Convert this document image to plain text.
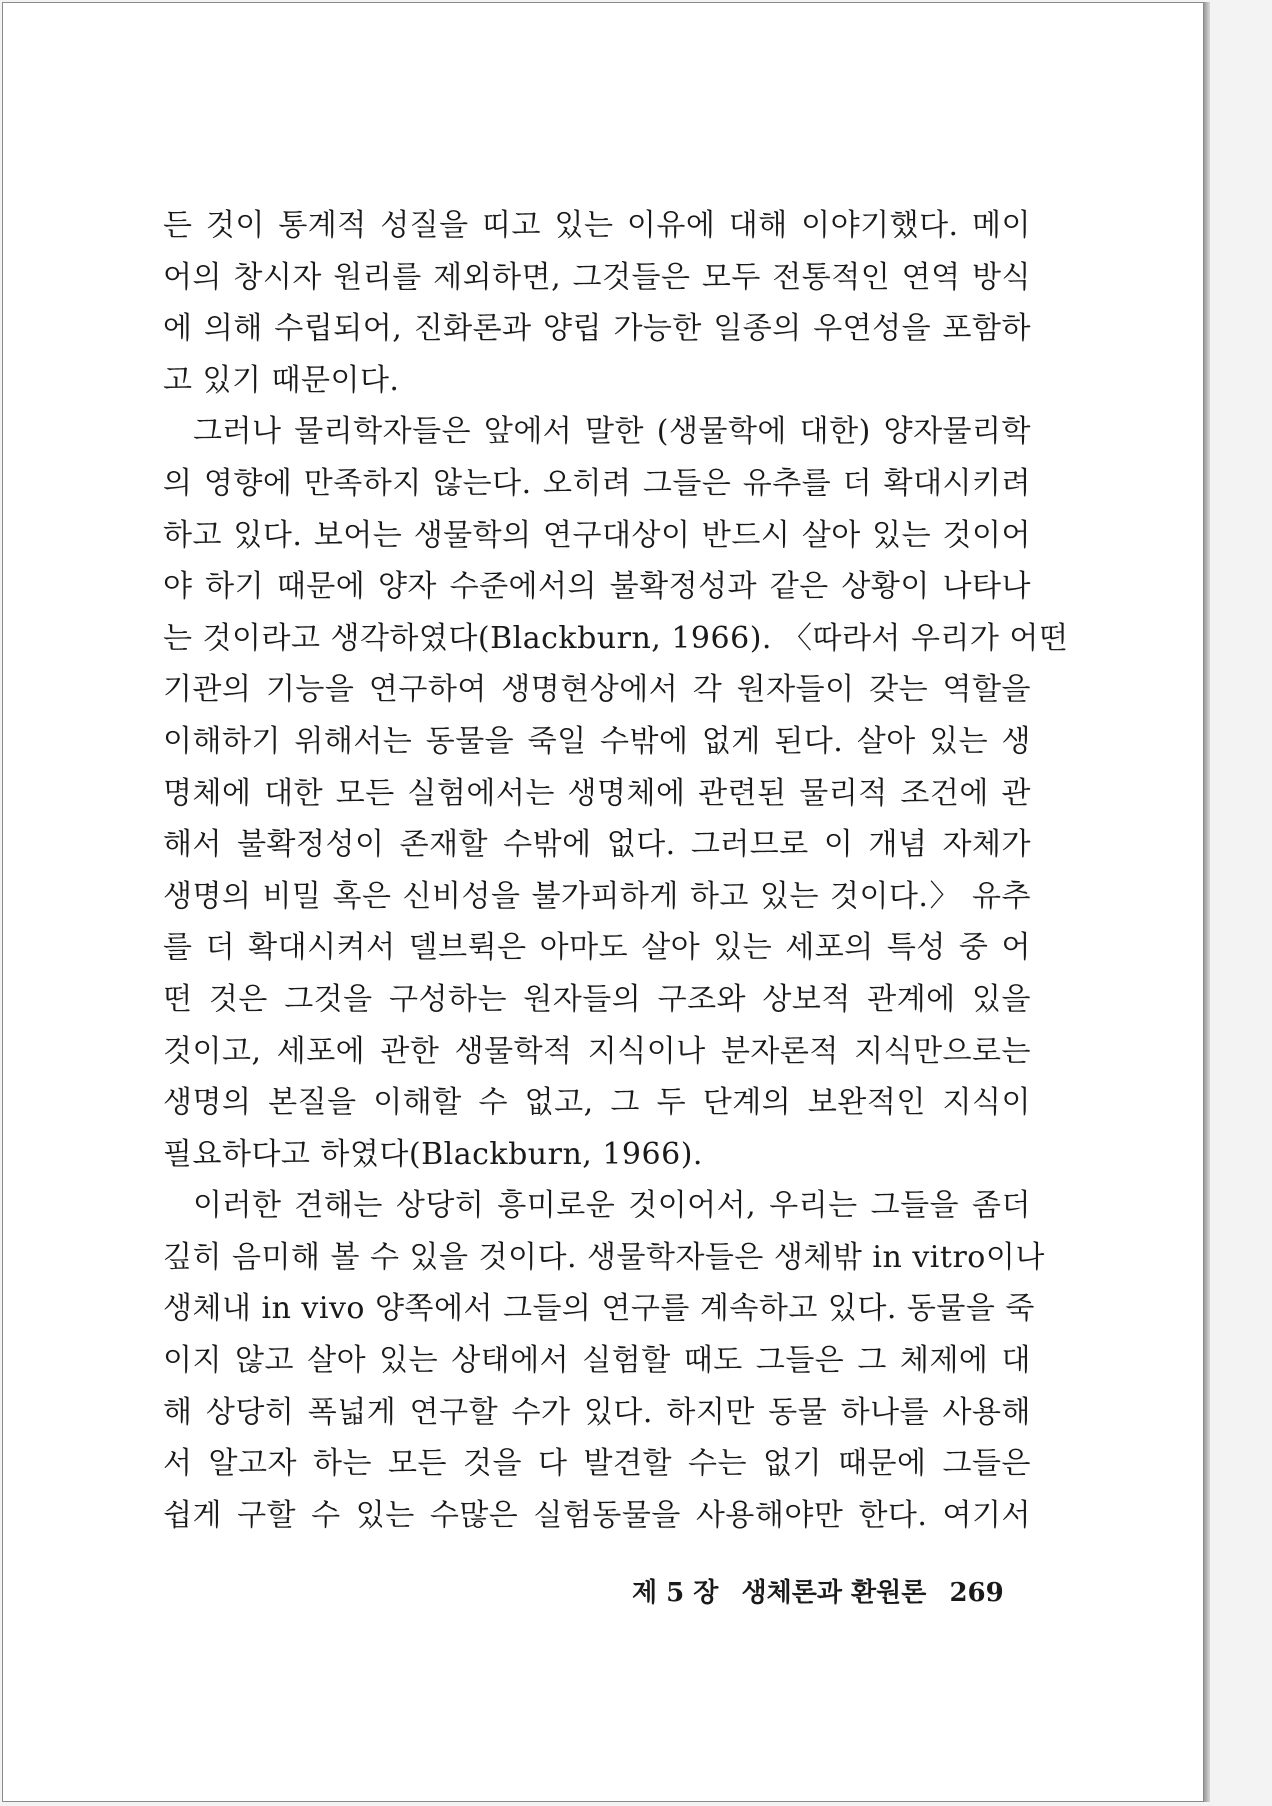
든 것이 통계적 성질을 띠고 있는 이유에 대해 이야기했다. 메이
어의 창시자 원리를 제외하면, 그것들은 모두 전통적인 연역 방식
에 의해 수립되어, 진화론과 양립 가능한 일종의 우연성을 포함하
고 있기 때문이다.
그러나 물리학자들은 앞에서 말한 (생물학에 대한) 양자물리학
의 영향에 만족하지 않는다. 오히려 그들은 유추를 더 확대시키려
하고 있다. 보어는 생물학의 연구대상이 반드시 살아 있는 것이어
야 하기 때문에 양자 수준에서의 불확정성과 같은 상황이 나타나
는 것이라고 생각하였다(Blackburn, 1966). 〈따라서 우리가 어떤
기관의 기능을 연구하여 생명현상에서 각 원자들이 갖는 역할을
이해하기 위해서는 동물을 죽일 수밖에 없게 된다. 살아 있는 생
명체에 대한 모든 실험에서는 생명체에 관련된 물리적 조건에 관
해서 불확정성이 존재할 수밖에 없다. 그러므로 이 개념 자체가
생명의 비밀 혹은 신비성을 불가피하게 하고 있는 것이다.〉 유추
를 더 확대시켜서 델브뤽은 아마도 살아 있는 세포의 특성 중 어
떤 것은 그것을 구성하는 원자들의 구조와 상보적 관계에 있을
것이고, 세포에 관한 생물학적 지식이나 분자론적 지식만으로는
생명의 본질을 이해할 수 없고, 그 두 단계의 보완적인 지식이
필요하다고 하였다(Blackburn, 1966).
이러한 견해는 상당히 흥미로운 것이어서, 우리는 그들을 좀더
깊히 음미해 볼 수 있을 것이다. 생물학자들은 생체밖 in vitro이나
생체내 in vivo 양쪽에서 그들의 연구를 계속하고 있다. 동물을 죽
이지 않고 살아 있는 상태에서 실험할 때도 그들은 그 체제에 대
해 상당히 폭넓게 연구할 수가 있다. 하지만 동물 하나를 사용해
서 알고자 하는 모든 것을 다 발견할 수는 없기 때문에 그들은
쉽게 구할 수 있는 수많은 실험동물을 사용해야만 한다. 여기서
제 5 장 생체론과 환원론 269
